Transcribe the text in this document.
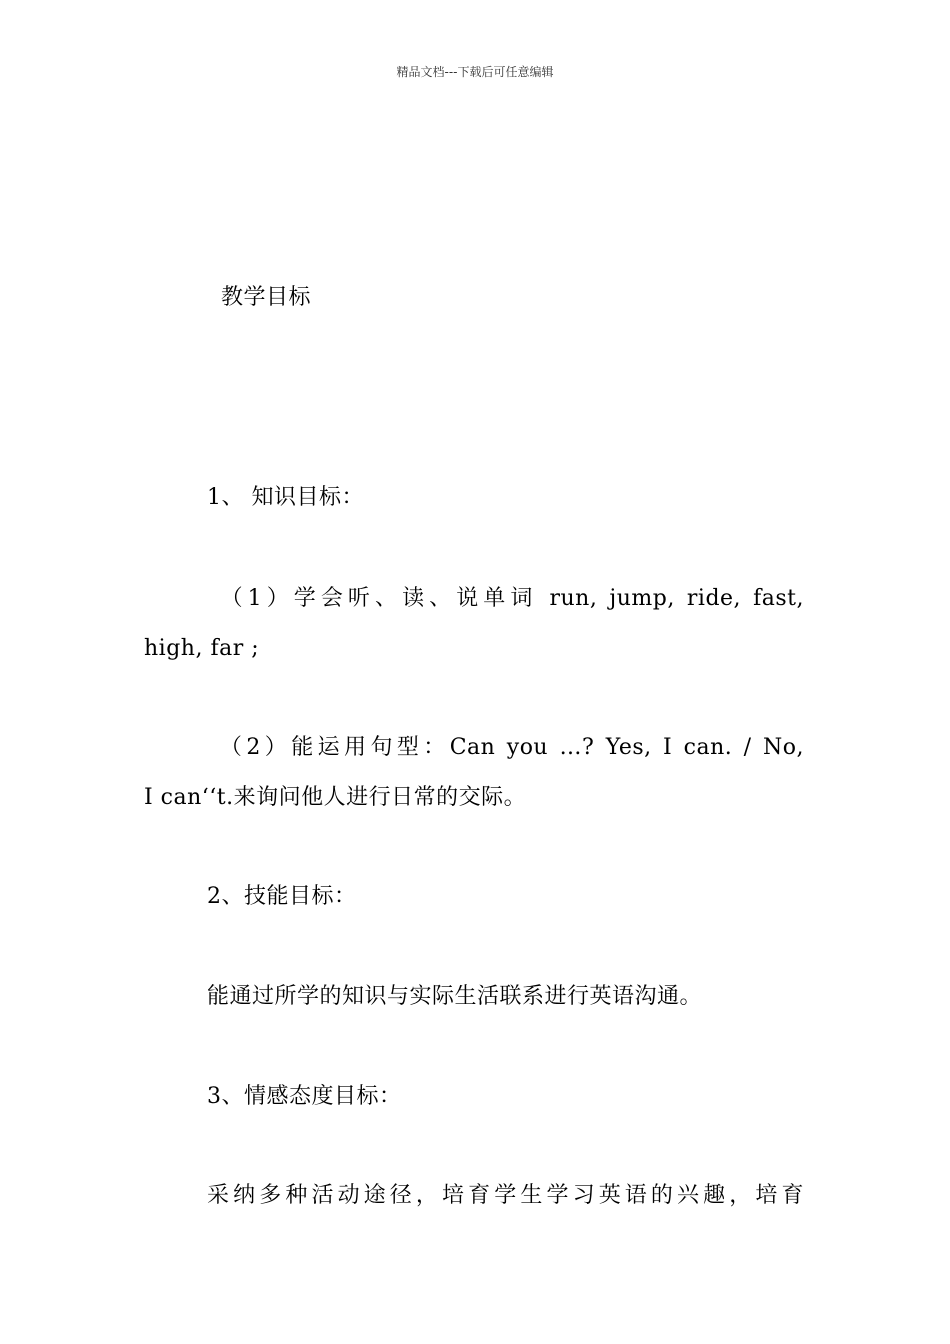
精品文档---下载后可任意编辑
教学目标
1、 知识目标：
（1）学会听、读、说单词 run, jump, ride, fast,
high, far ;
（2）能运用句型：Can you …? Yes, I can. / No,
I can‘‘t.来询问他人进行日常的交际。
2、技能目标：
能通过所学的知识与实际生活联系进行英语沟通。
3、情感态度目标：
采纳多种活动途径，培育学生学习英语的兴趣，培育
